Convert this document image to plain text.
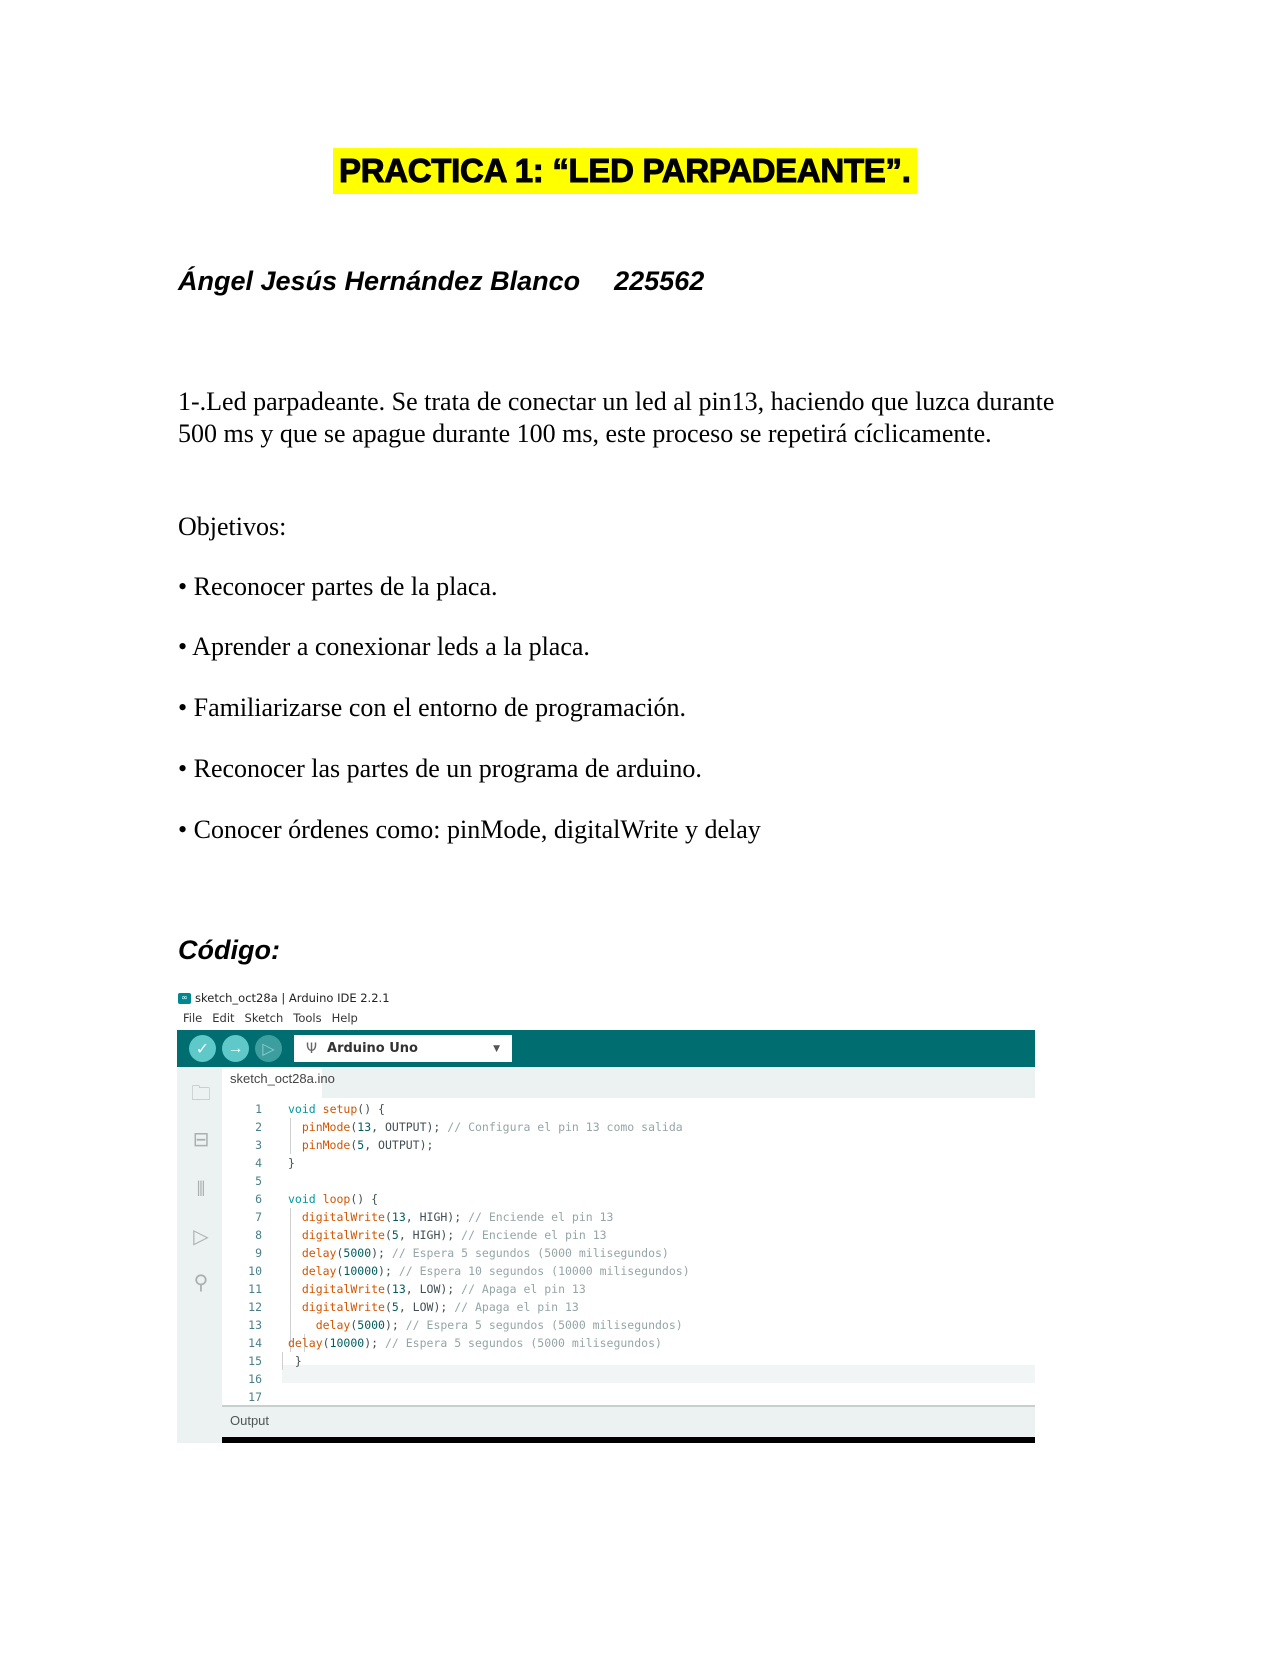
PRACTICA 1: “LED PARPADEANTE”.
Ángel Jesús Hernández Blanco 225562
1-.Led parpadeante. Se trata de conectar un led al pin13, haciendo que luzca durante 500 ms y que se apague durante 100 ms, este proceso se repetirá cíclicamente.
Objetivos:
• Reconocer partes de la placa.
• Aprender a conexionar leds a la placa.
• Familiarizarse con el entorno de programación.
• Reconocer las partes de un programa de arduino.
• Conocer órdenes como: pinMode, digitalWrite y delay
Código:
∞ sketch_oct28a | Arduino IDE 2.2.1
File Edit Sketch Tools Help
✓ → ▷ Ψ Arduino Uno	▼
🗀
⊟
⫴
▷
⚲
sketch_oct28a.ino
1
2
3
4
5
6
7
8
9
10
11
12
13
14
15
16
17
void setup() {
pinMode(13, OUTPUT); // Configura el pin 13 como salida
pinMode(5, OUTPUT);
}
void loop() {
digitalWrite(13, HIGH); // Enciende el pin 13
digitalWrite(5, HIGH); // Enciende el pin 13
delay(5000); // Espera 5 segundos (5000 milisegundos)
delay(10000); // Espera 10 segundos (10000 milisegundos)
digitalWrite(13, LOW); // Apaga el pin 13
digitalWrite(5, LOW); // Apaga el pin 13
delay(5000); // Espera 5 segundos (5000 milisegundos)
delay(10000); // Espera 5 segundos (5000 milisegundos)
}
Output
